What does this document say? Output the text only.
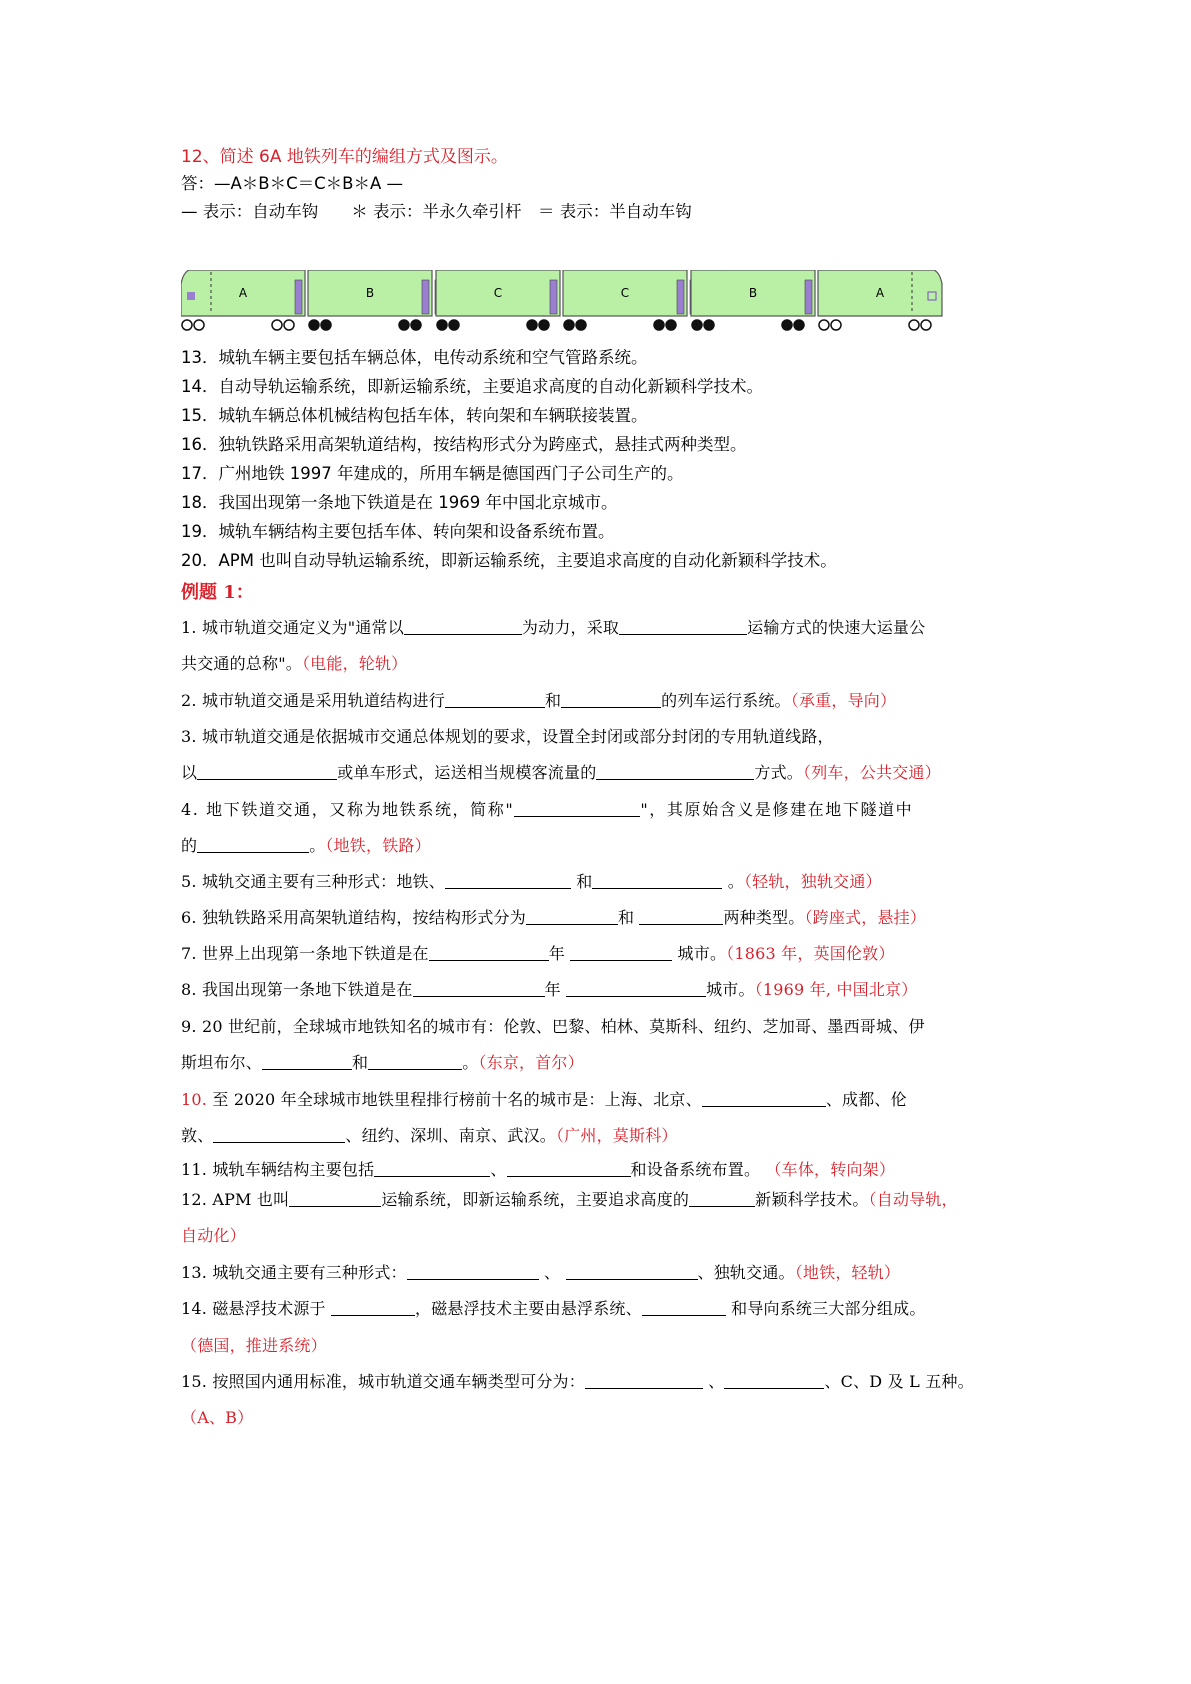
12、简述 6A 地铁列车的编组方式及图示。
答：—A＊B＊C＝C＊B＊A —
— 表示：自动车钩　　＊ 表示：半永久牵引杆　＝ 表示：半自动车钩
A	B	C	C	B	A
13．城轨车辆主要包括车辆总体，电传动系统和空气管路系统。
14．自动导轨运输系统，即新运输系统，主要追求高度的自动化新颖科学技术。
15．城轨车辆总体机械结构包括车体，转向架和车辆联接装置。
16．独轨铁路采用高架轨道结构，按结构形式分为跨座式，悬挂式两种类型。
17．广州地铁 1997 年建成的，所用车辆是德国西门子公司生产的。
18．我国出现第一条地下铁道是在 1969 年中国北京城市。
19．城轨车辆结构主要包括车体、转向架和设备系统布置。
20．APM 也叫自动导轨运输系统，即新运输系统，主要追求高度的自动化新颖科学技术。
例题 1：
1. 城市轨道交通定义为"通常以	为动力，采取	运输方式的快速大运量公
共交通的总称"。（电能，轮轨）
2. 城市轨道交通是采用轨道结构进行	和	的列车运行系统。（承重，导向）
3. 城市轨道交通是依据城市交通总体规划的要求，设置全封闭或部分封闭的专用轨道线路，
以	或单车形式，运送相当规模客流量的	方式。（列车，公共交通）
4. 地下铁道交通，又称为地铁系统，简称"	"，其原始含义是修建在地下隧道中
的	。（地铁，铁路）
5. 城轨交通主要有三种形式：地铁、	和	。（轻轨，独轨交通）
6. 独轨铁路采用高架轨道结构，按结构形式分为	和	两种类型。（跨座式，悬挂）
7. 世界上出现第一条地下铁道是在	年	城市。（1863 年，英国伦敦）
8. 我国出现第一条地下铁道是在	年	城市。（1969 年, 中国北京）
9. 20 世纪前，全球城市地铁知名的城市有：伦敦、巴黎、柏林、莫斯科、纽约、芝加哥、墨西哥城、伊
斯坦布尔、	和	。（东京，首尔）
10. 至 2020 年全球城市地铁里程排行榜前十名的城市是：上海、北京、	、成都、伦
敦、	、纽约、深圳、南京、武汉。（广州，莫斯科）
11. 城轨车辆结构主要包括	、	和设备系统布置。 （车体，转向架）
12. APM 也叫	运输系统，即新运输系统，主要追求高度的	新颖科学技术。（自动导轨，
自动化）
13. 城轨交通主要有三种形式：	、	、独轨交通。（地铁，轻轨）
14. 磁悬浮技术源于	，磁悬浮技术主要由悬浮系统、	和导向系统三大部分组成。
（德国，推进系统）
15. 按照国内通用标准，城市轨道交通车辆类型可分为：	、	、C、D 及 L 五种。
（A、B）
